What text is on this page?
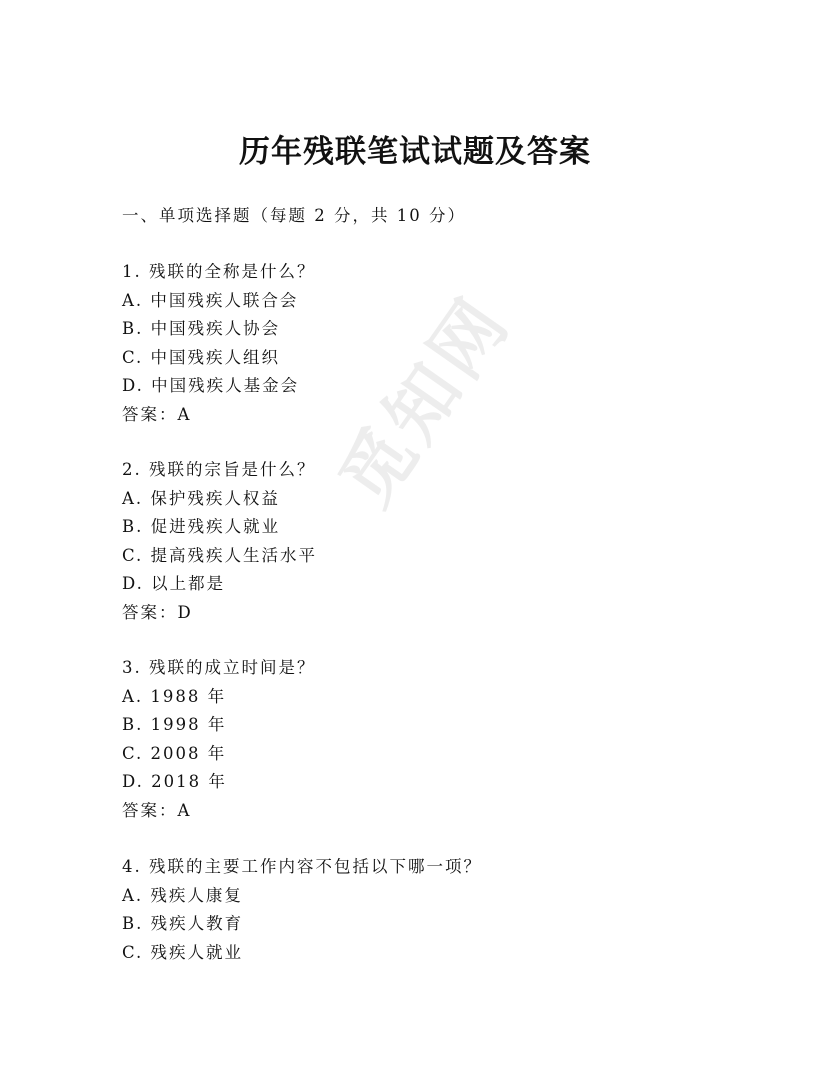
觅知网
历年残联笔试试题及答案
一、单项选择题（每题 2 分，共 10 分）
1. 残联的全称是什么？
A. 中国残疾人联合会
B. 中国残疾人协会
C. 中国残疾人组织
D. 中国残疾人基金会
答案：A
2. 残联的宗旨是什么？
A. 保护残疾人权益
B. 促进残疾人就业
C. 提高残疾人生活水平
D. 以上都是
答案：D
3. 残联的成立时间是？
A. 1988 年
B. 1998 年
C. 2008 年
D. 2018 年
答案：A
4. 残联的主要工作内容不包括以下哪一项？
A. 残疾人康复
B. 残疾人教育
C. 残疾人就业
